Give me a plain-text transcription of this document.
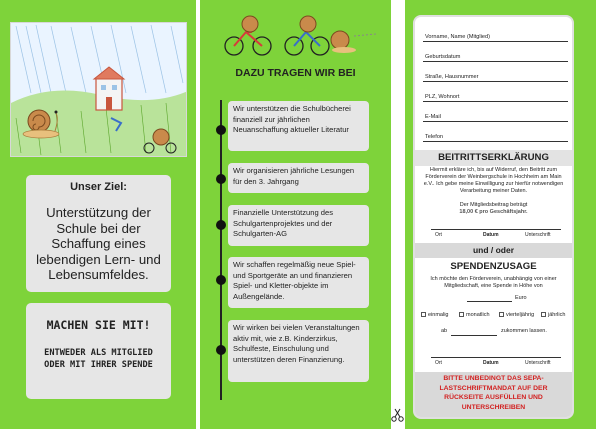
Unser Ziel:
Unterstützung der Schule bei der Schaffung eines lebendigen Lern- und Lebensumfeldes.
MACHEN SIE MIT!
ENTWEDER ALS MITGLIED ODER MIT IHRER SPENDE
DAZU TRAGEN WIR BEI
Wir unterstützen die Schulbücherei finanziell zur jährlichen Neuanschaffung aktueller Literatur
Wir organisieren jährliche Lesungen für den 3. Jahrgang
Finanzielle Unterstützung des Schulgartenprojektes und der Schulgarten-AG
Wir schaffen regelmäßig neue Spiel- und Sportgeräte an und finanzieren Spiel- und Kletter-objekte im Außengelände.
Wir wirken bei vielen Veranstaltungen aktiv mit, wie z.B. Kinderzirkus, Schulfeste, Einschulung und unterstützen deren Finanzierung.
Vorname, Name (Mitglied)
Geburtsdatum
Straße, Hausnummer
PLZ, Wohnort
E-Mail
Telefon
BEITRITTSERKLÄRUNG
Hiermit erkläre ich, bis auf Widerruf, den Beitritt zum Förderverein der Weinbergschule in Hochheim am Main e.V.. Ich gebe meine Einwilligung zur hierfür notwendigen Verarbeitung meiner Daten.
Der Mitgliedsbeitrag beträgt
18,00 € pro Geschäftsjahr.
Ort	Datum	Unterschrift
und / oder
SPENDENZUSAGE
Ich möchte den Förderverein, unabhängig von einer Mitgliedschaft, eine Spende in Höhe von
Euro
einmalig	monatlich	vierteljährig	jährlich
ab	zukommen lassen.
Ort	Datum	Unterschrift
BITTE UNBEDINGT DAS SEPA-LASTSCHRIFTMANDAT AUF DER RÜCKSEITE AUSFÜLLEN UND UNTERSCHREIBEN
